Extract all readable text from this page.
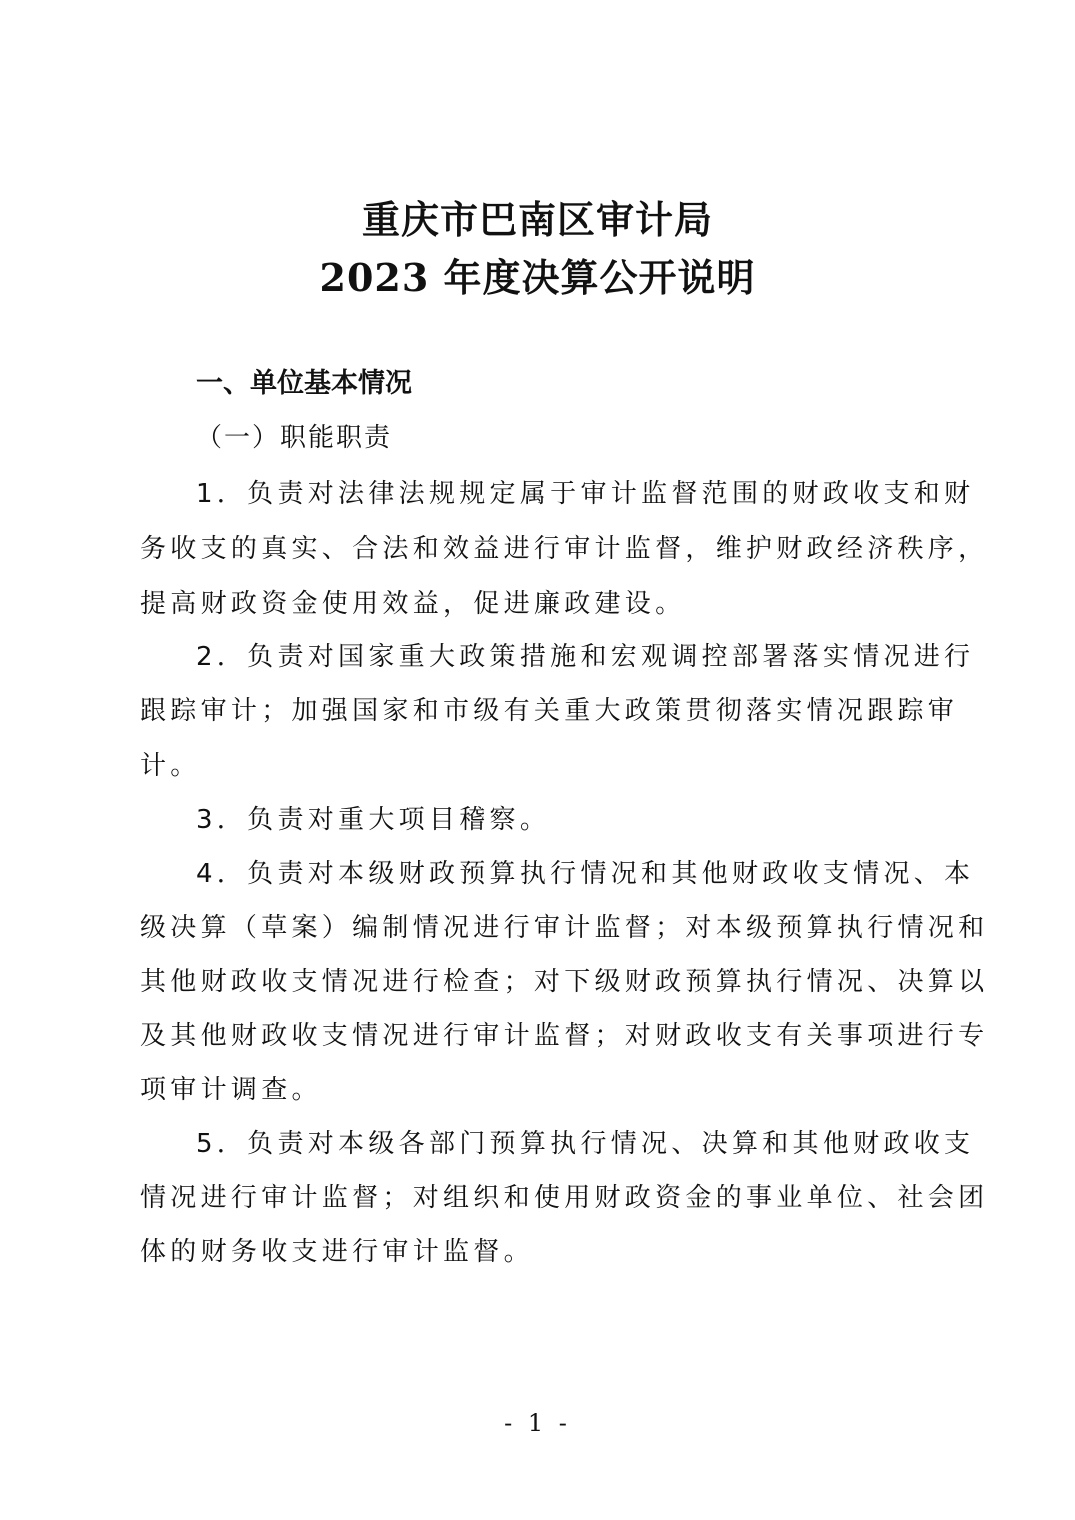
重庆市巴南区审计局
2023 年度决算公开说明
一、单位基本情况
（一）职能职责
1．负责对法律法规规定属于审计监督范围的财政收支和财
务收支的真实、合法和效益进行审计监督，维护财政经济秩序，
提高财政资金使用效益，促进廉政建设。
2．负责对国家重大政策措施和宏观调控部署落实情况进行
跟踪审计；加强国家和市级有关重大政策贯彻落实情况跟踪审
计。
3．负责对重大项目稽察。
4．负责对本级财政预算执行情况和其他财政收支情况、本
级决算（草案）编制情况进行审计监督；对本级预算执行情况和
其他财政收支情况进行检查；对下级财政预算执行情况、决算以
及其他财政收支情况进行审计监督；对财政收支有关事项进行专
项审计调查。
5．负责对本级各部门预算执行情况、决算和其他财政收支
情况进行审计监督；对组织和使用财政资金的事业单位、社会团
体的财务收支进行审计监督。
- 1 -
